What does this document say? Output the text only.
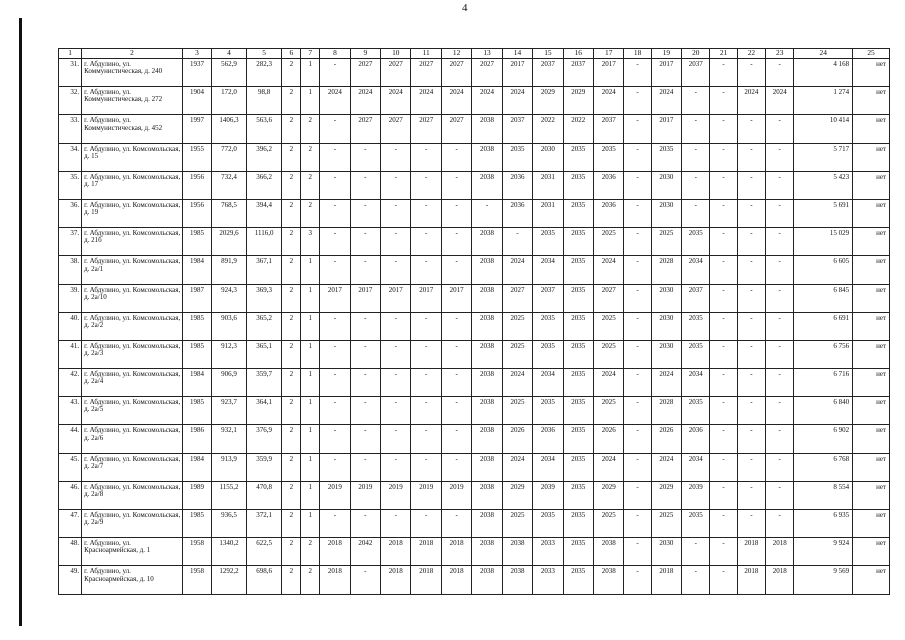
4
1	2	3	4	5	6	7	8	9	10	11	12	13	14	15	16	17	18	19	20	21	22	23	24	25
31.	г. Абдулино, ул. Коммунистическая, д. 240	1937	562,9	282,3	2	1	-	2027	2027	2027	2027	2027	2017	2037	2037	2017	-	2017	2037	-	-	-	4 168	нет
32.	г. Абдулино, ул. Коммунистическая, д. 272	1904	172,0	98,8	2	1	2024	2024	2024	2024	2024	2024	2024	2029	2029	2024	-	2024	-	-	2024	2024	1 274	нет
33.	г. Абдулино, ул. Коммунистическая, д. 452	1997	1406,3	563,6	2	2	-	2027	2027	2027	2027	2038	2037	2022	2022	2037	-	2017	-	-	-	-	10 414	нет
34.	г. Абдулино, ул. Комсомольская, д. 15	1955	772,0	396,2	2	2	-	-	-	-	-	2038	2035	2030	2035	2035	-	2035	-	-	-	-	5 717	нет
35.	г. Абдулино, ул. Комсомольская, д. 17	1956	732,4	366,2	2	2	-	-	-	-	-	2038	2036	2031	2035	2036	-	2030	-	-	-	-	5 423	нет
36.	г. Абдулино, ул. Комсомольская, д. 19	1956	768,5	394,4	2	2	-	-	-	-	-	-	2036	2031	2035	2036	-	2030	-	-	-	-	5 691	нет
37.	г. Абдулино, ул. Комсомольская, д. 21б	1985	2029,6	1116,0	2	3	-	-	-	-	-	2038	-	2035	2035	2025	-	2025	2035	-	-	-	15 029	нет
38.	г. Абдулино, ул. Комсомольская, д. 2а/1	1984	891,9	367,1	2	1	-	-	-	-	-	2038	2024	2034	2035	2024	-	2028	2034	-	-	-	6 605	нет
39.	г. Абдулино, ул. Комсомольская, д. 2а/10	1987	924,3	369,3	2	1	2017	2017	2017	2017	2017	2038	2027	2037	2035	2027	-	2030	2037	-	-	-	6 845	нет
40.	г. Абдулино, ул. Комсомольская, д. 2а/2	1985	903,6	365,2	2	1	-	-	-	-	-	2038	2025	2035	2035	2025	-	2030	2035	-	-	-	6 691	нет
41.	г. Абдулино, ул. Комсомольская, д. 2а/3	1985	912,3	365,1	2	1	-	-	-	-	-	2038	2025	2035	2035	2025	-	2030	2035	-	-	-	6 756	нет
42.	г. Абдулино, ул. Комсомольская, д. 2а/4	1984	906,9	359,7	2	1	-	-	-	-	-	2038	2024	2034	2035	2024	-	2024	2034	-	-	-	6 716	нет
43.	г. Абдулино, ул. Комсомольская, д. 2а/5	1985	923,7	364,1	2	1	-	-	-	-	-	2038	2025	2035	2035	2025	-	2028	2035	-	-	-	6 840	нет
44.	г. Абдулино, ул. Комсомольская, д. 2а/6	1986	932,1	376,9	2	1	-	-	-	-	-	2038	2026	2036	2035	2026	-	2026	2036	-	-	-	6 902	нет
45.	г. Абдулино, ул. Комсомольская, д. 2а/7	1984	913,9	359,9	2	1	-	-	-	-	-	2038	2024	2034	2035	2024	-	2024	2034	-	-	-	6 768	нет
46.	г. Абдулино, ул. Комсомольская, д. 2а/8	1989	1155,2	470,8	2	1	2019	2019	2019	2019	2019	2038	2029	2039	2035	2029	-	2029	2039	-	-	-	8 554	нет
47.	г. Абдулино, ул. Комсомольская, д. 2а/9	1985	936,5	372,1	2	1	-	-	-	-	-	2038	2025	2035	2035	2025	-	2025	2035	-	-	-	6 935	нет
48.	г. Абдулино, ул. Красноармейская, д. 1	1958	1340,2	622,5	2	2	2018	2042	2018	2018	2018	2038	2038	2033	2035	2038	-	2030	-	-	2018	2018	9 924	нет
49.	г. Абдулино, ул. Красноармейская, д. 10	1958	1292,2	698,6	2	2	2018	-	2018	2018	2018	2038	2038	2033	2035	2038	-	2018	-	-	2018	2018	9 569	нет
